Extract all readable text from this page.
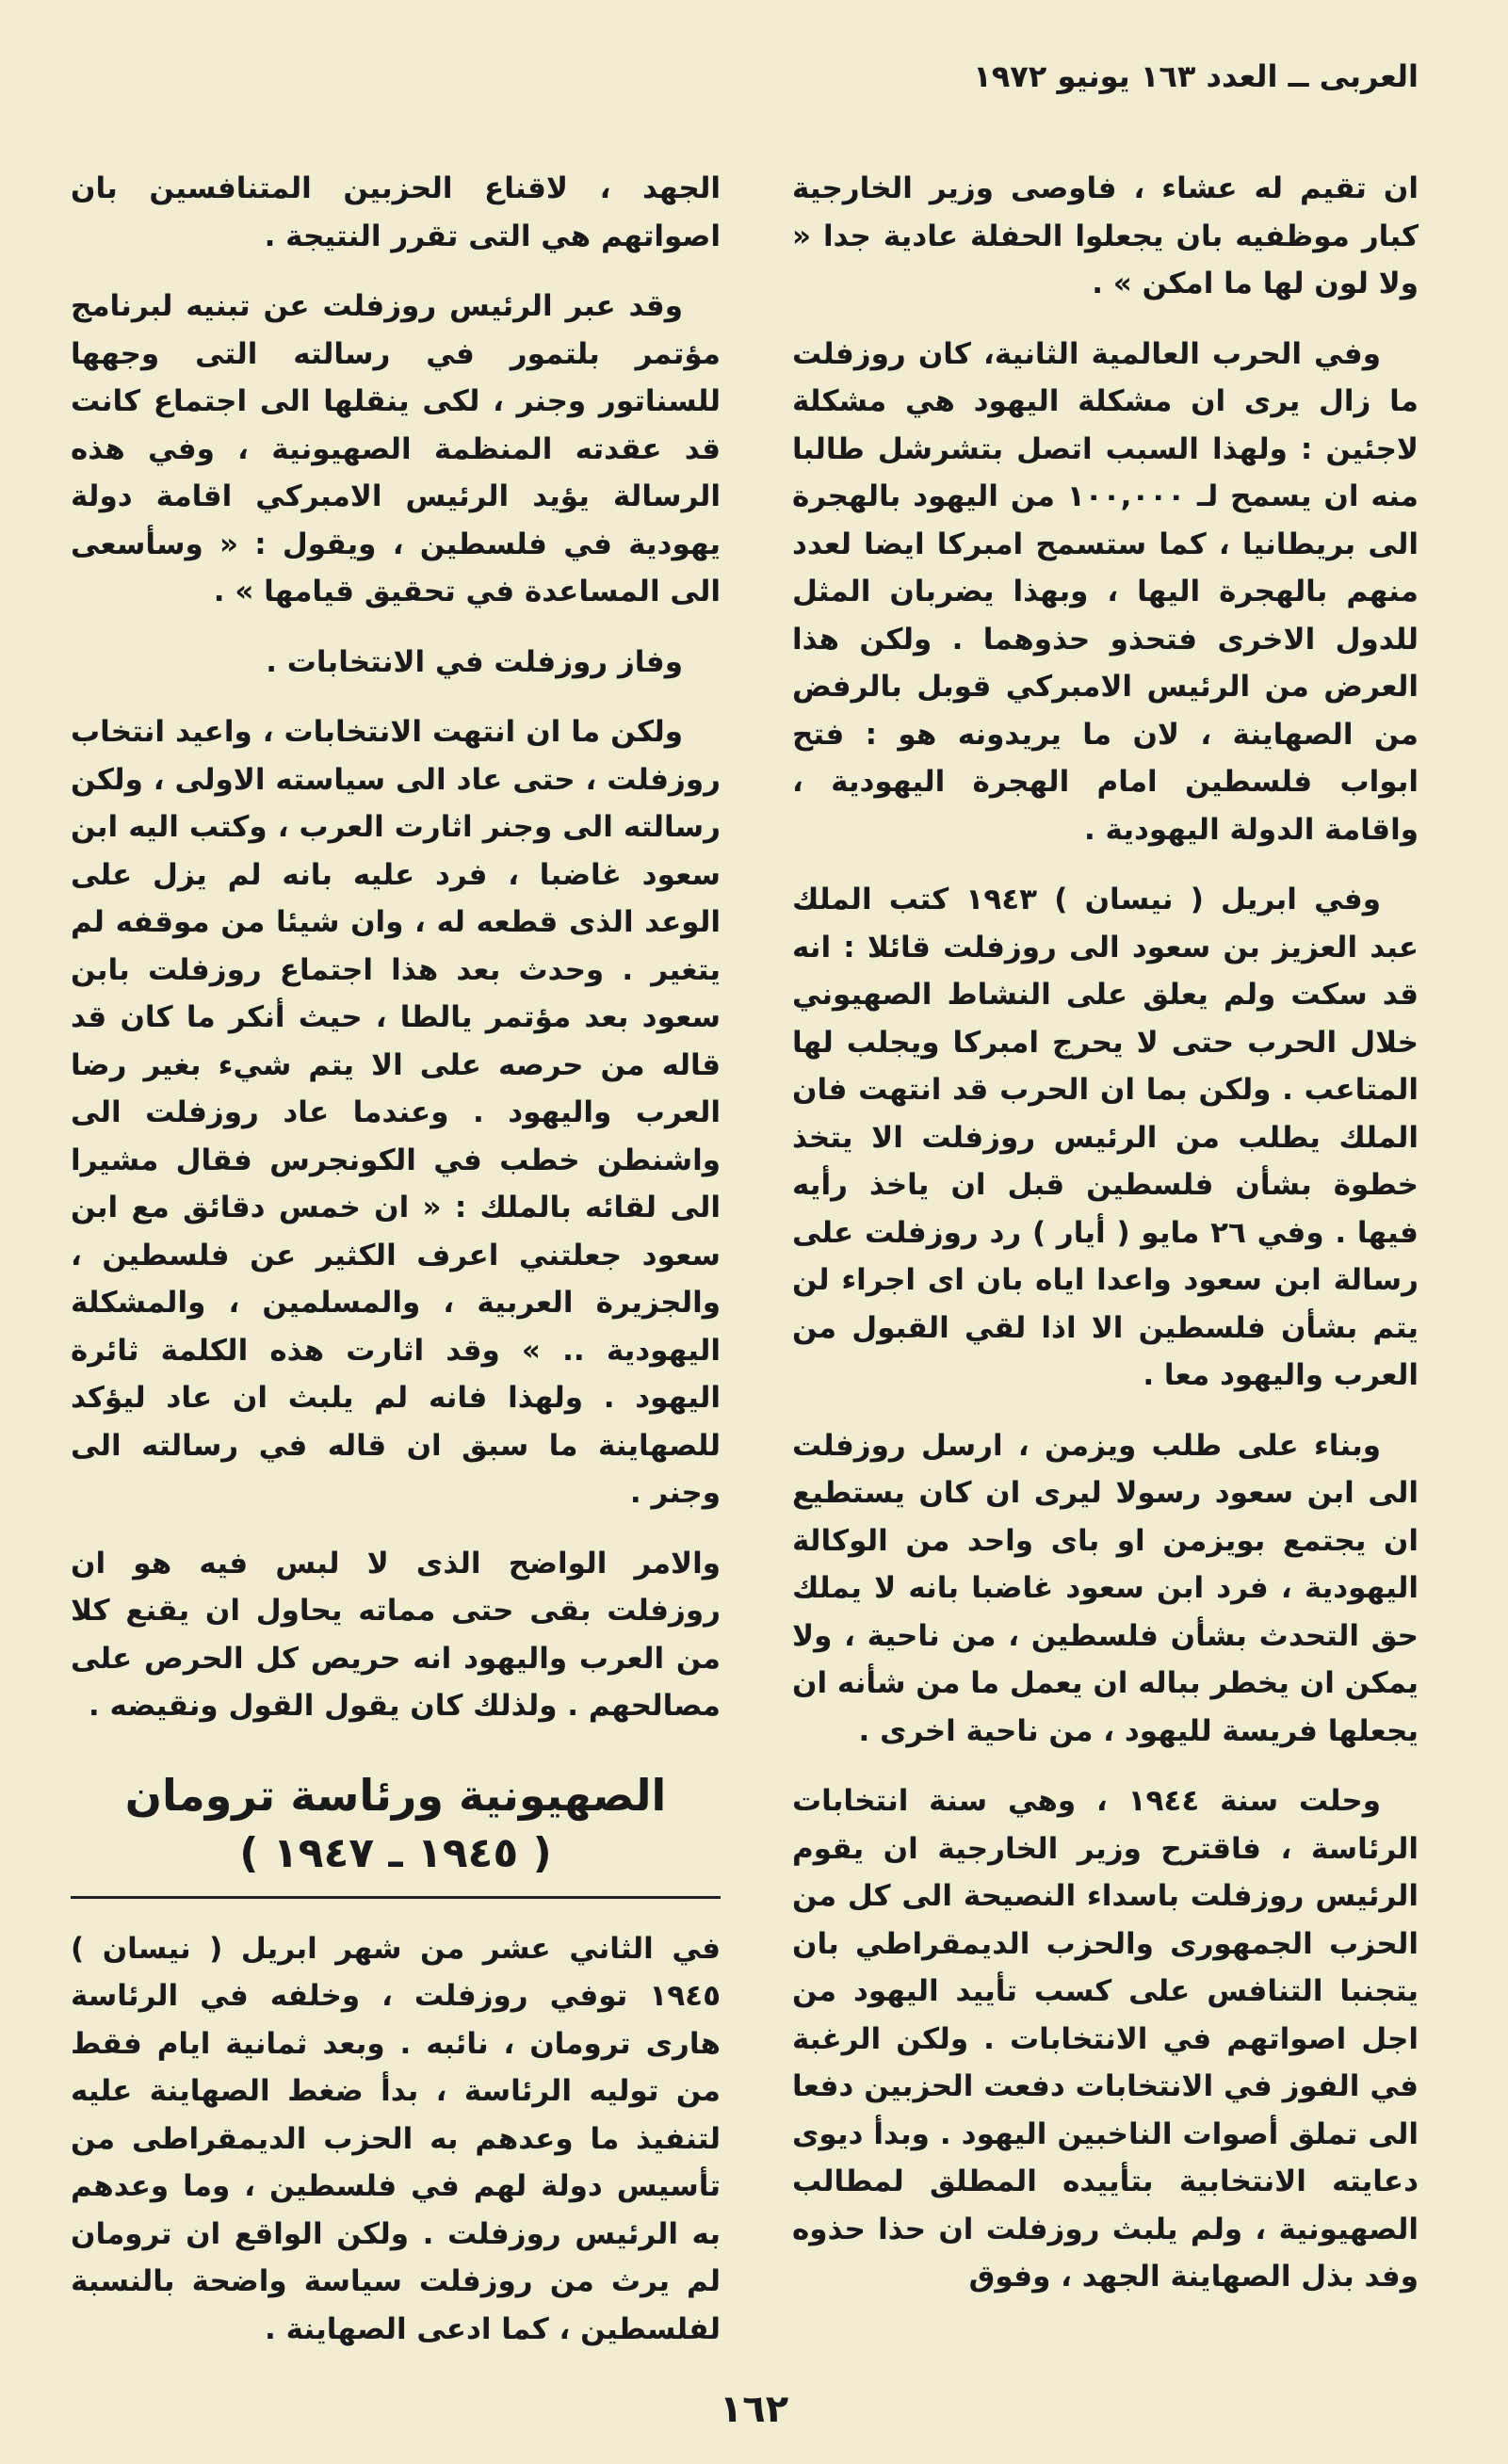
العربى ــ العدد ١٦٣ يونيو ١٩٧٢

ان تقيم له عشاء ، فاوصى وزير الخارجية كبار موظفيه بان يجعلوا الحفلة عادية جدا « ولا لون لها ما امكن » .

وفي الحرب العالمية الثانية، كان روزفلت ما زال يرى ان مشكلة اليهود هي مشكلة لاجئين : ولهذا السبب اتصل بتشرشل طالبا منه ان يسمح لـ ١٠٠,٠٠٠ من اليهود بالهجرة الى بريطانيا ، كما ستسمح امبركا ايضا لعدد منهم بالهجرة اليها ، وبهذا يضربان المثل للدول الاخرى فتحذو حذوهما . ولكن هذا العرض من الرئيس الامبركي قوبل بالرفض من الصهاينة ، لان ما يريدونه هو : فتح ابواب فلسطين امام الهجرة اليهودية ، واقامة الدولة اليهودية .

وفي ابريل ( نيسان ) ١٩٤٣ كتب الملك عبد العزيز بن سعود الى روزفلت قائلا : انه قد سكت ولم يعلق على النشاط الصهيوني خلال الحرب حتى لا يحرج امبركا ويجلب لها المتاعب . ولكن بما ان الحرب قد انتهت فان الملك يطلب من الرئيس روزفلت الا يتخذ خطوة بشأن فلسطين قبل ان ياخذ رأيه فيها . وفي ٢٦ مايو ( أيار ) رد روزفلت على رسالة ابن سعود واعدا اياه بان اى اجراء لن يتم بشأن فلسطين الا اذا لقي القبول من العرب واليهود معا .

وبناء على طلب ويزمن ، ارسل روزفلت الى ابن سعود رسولا ليرى ان كان يستطيع ان يجتمع بويزمن او باى واحد من الوكالة اليهودية ، فرد ابن سعود غاضبا بانه لا يملك حق التحدث بشأن فلسطين ، من ناحية ، ولا يمكن ان يخطر بباله ان يعمل ما من شأنه ان يجعلها فريسة لليهود ، من ناحية اخرى .

وحلت سنة ١٩٤٤ ، وهي سنة انتخابات الرئاسة ، فاقترح وزير الخارجية ان يقوم الرئيس روزفلت باسداء النصيحة الى كل من الحزب الجمهورى والحزب الديمقراطي بان يتجنبا التنافس على كسب تأييد اليهود من اجل اصواتهم في الانتخابات . ولكن الرغبة في الفوز في الانتخابات دفعت الحزبين دفعا الى تملق أصوات الناخبين اليهود . وبدأ ديوى دعايته الانتخابية بتأييده المطلق لمطالب الصهيونية ، ولم يلبث روزفلت ان حذا حذوه وفد بذل الصهاينة الجهد ، وفوق

الجهد ، لاقناع الحزبين المتنافسين بان اصواتهم هي التى تقرر النتيجة .

وقد عبر الرئيس روزفلت عن تبنيه لبرنامج مؤتمر بلتمور في رسالته التى وجهها للسناتور وجنر ، لكى ينقلها الى اجتماع كانت قد عقدته المنظمة الصهيونية ، وفي هذه الرسالة يؤيد الرئيس الامبركي اقامة دولة يهودية في فلسطين ، ويقول : « وسأسعى الى المساعدة في تحقيق قيامها » .

وفاز روزفلت في الانتخابات .

ولكن ما ان انتهت الانتخابات ، واعيد انتخاب روزفلت ، حتى عاد الى سياسته الاولى ، ولكن رسالته الى وجنر اثارت العرب ، وكتب اليه ابن سعود غاضبا ، فرد عليه بانه لم يزل على الوعد الذى قطعه له ، وان شيئا من موقفه لم يتغير . وحدث بعد هذا اجتماع روزفلت بابن سعود بعد مؤتمر يالطا ، حيث أنكر ما كان قد قاله من حرصه على الا يتم شيء بغير رضا العرب واليهود . وعندما عاد روزفلت الى واشنطن خطب في الكونجرس فقال مشيرا الى لقائه بالملك : « ان خمس دقائق مع ابن سعود جعلتني اعرف الكثير عن فلسطين ، والجزيرة العربية ، والمسلمين ، والمشكلة اليهودية .. » وقد اثارت هذه الكلمة ثائرة اليهود . ولهذا فانه لم يلبث ان عاد ليؤكد للصهاينة ما سبق ان قاله في رسالته الى وجنر .

والامر الواضح الذى لا لبس فيه هو ان روزفلت بقى حتى مماته يحاول ان يقنع كلا من العرب واليهود انه حريص كل الحرص على مصالحهم . ولذلك كان يقول القول ونقيضه .

الصهيونية ورئاسة ترومان
( ١٩٤٥ ـ ١٩٤٧ )

في الثاني عشر من شهر ابريل ( نيسان ) ١٩٤٥ توفي روزفلت ، وخلفه في الرئاسة هارى ترومان ، نائبه . وبعد ثمانية ايام فقط من توليه الرئاسة ، بدأ ضغط الصهاينة عليه لتنفيذ ما وعدهم به الحزب الديمقراطى من تأسيس دولة لهم في فلسطين ، وما وعدهم به الرئيس روزفلت . ولكن الواقع ان ترومان لم يرث من روزفلت سياسة واضحة بالنسبة لفلسطين ، كما ادعى الصهاينة .

١٦٢
